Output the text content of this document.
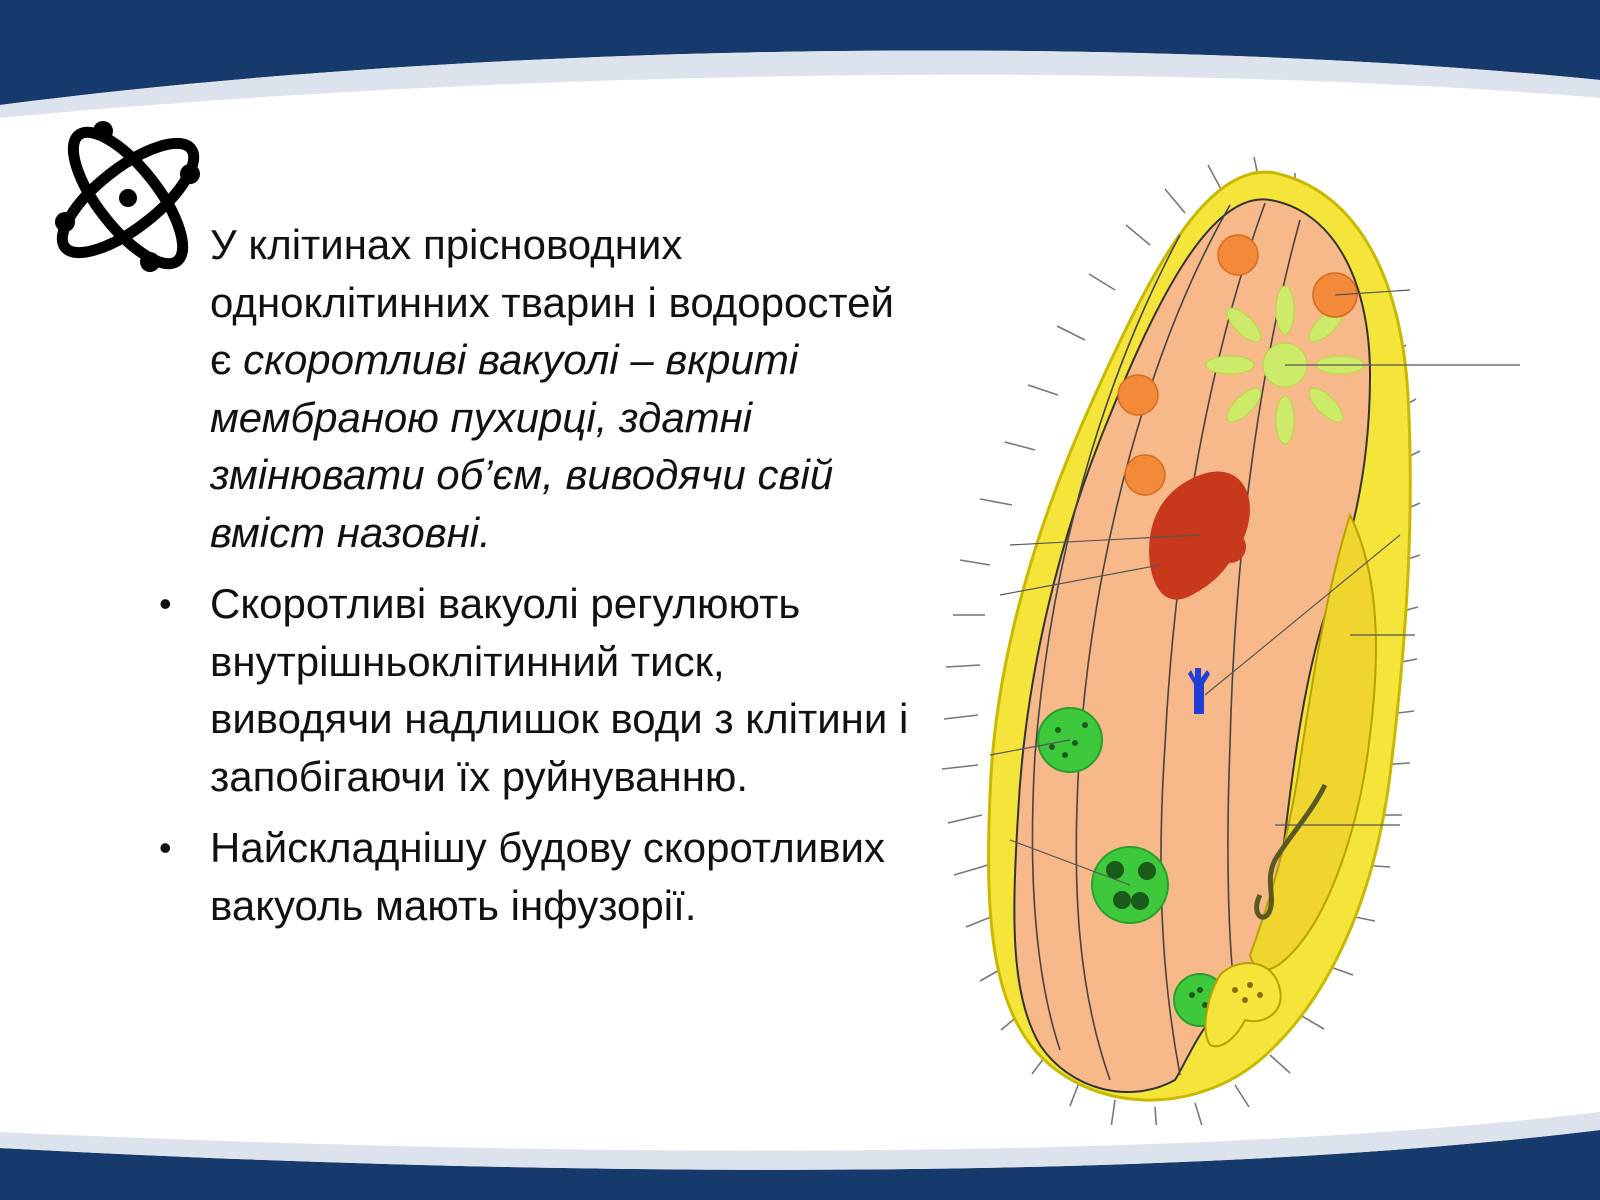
У клітинах прісноводних одноклітинних тварин і водоростей є скоротливі вакуолі – вкриті мембраною пухирці, здатні змінювати об’єм, виводячи свій вміст назовні.

• Скоротливі вакуолі регулюють внутрішньоклітинний тиск, виводячи надлишок води з клітини і запобігаючи їх руйнуванню.

• Найскладнішу будову скоротливих вакуоль мають інфузорії.
